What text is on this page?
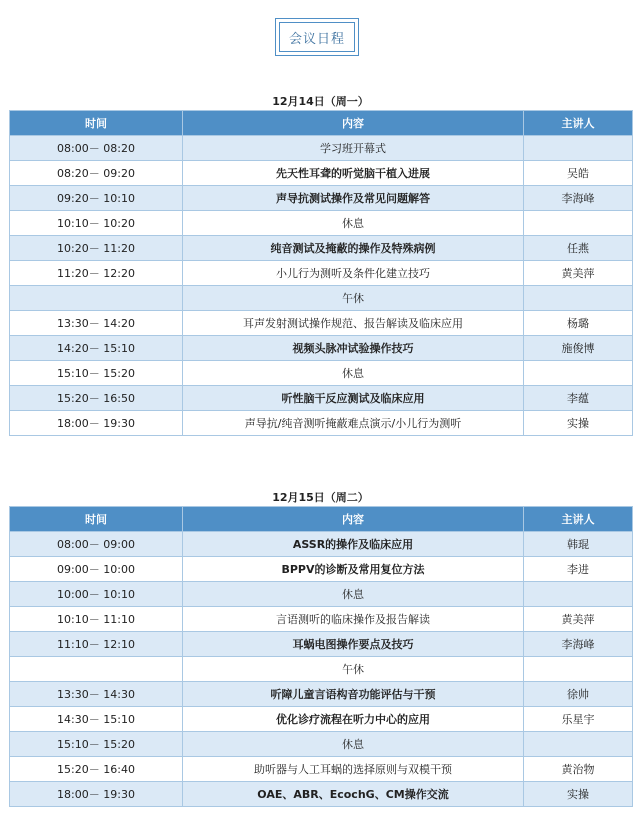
会议日程
12月14日（周一）
时间	内容	主讲人
08:00－ 08:20	学习班开幕式	
08:20－ 09:20	先天性耳聋的听觉脑干植入进展	吴皓
09:20－ 10:10	声导抗测试操作及常见问题解答	李海峰
10:10－ 10:20	休息	
10:20－ 11:20	纯音测试及掩蔽的操作及特殊病例	任燕
11:20－ 12:20	小儿行为测听及条件化建立技巧	黄美萍
	午休	
13:30－ 14:20	耳声发射测试操作规范、报告解读及临床应用	杨璐
14:20－ 15:10	视频头脉冲试验操作技巧	施俊博
15:10－ 15:20	休息	
15:20－ 16:50	听性脑干反应测试及临床应用	李蕴
18:00－ 19:30	声导抗/纯音测听掩蔽难点演示/小儿行为测听	实操
12月15日（周二）
时间	内容	主讲人
08:00－ 09:00	ASSR的操作及临床应用	韩琨
09:00－ 10:00	BPPV的诊断及常用复位方法	李进
10:00－ 10:10	休息	
10:10－ 11:10	言语测听的临床操作及报告解读	黄美萍
11:10－ 12:10	耳蜗电图操作要点及技巧	李海峰
	午休	
13:30－ 14:30	听障儿童言语构音功能评估与干预	徐帅
14:30－ 15:10	优化诊疗流程在听力中心的应用	乐星宇
15:10－ 15:20	休息	
15:20－ 16:40	助听器与人工耳蜗的选择原则与双模干预	黄治物
18:00－ 19:30	OAE、ABR、EcochG、CM操作交流	实操
